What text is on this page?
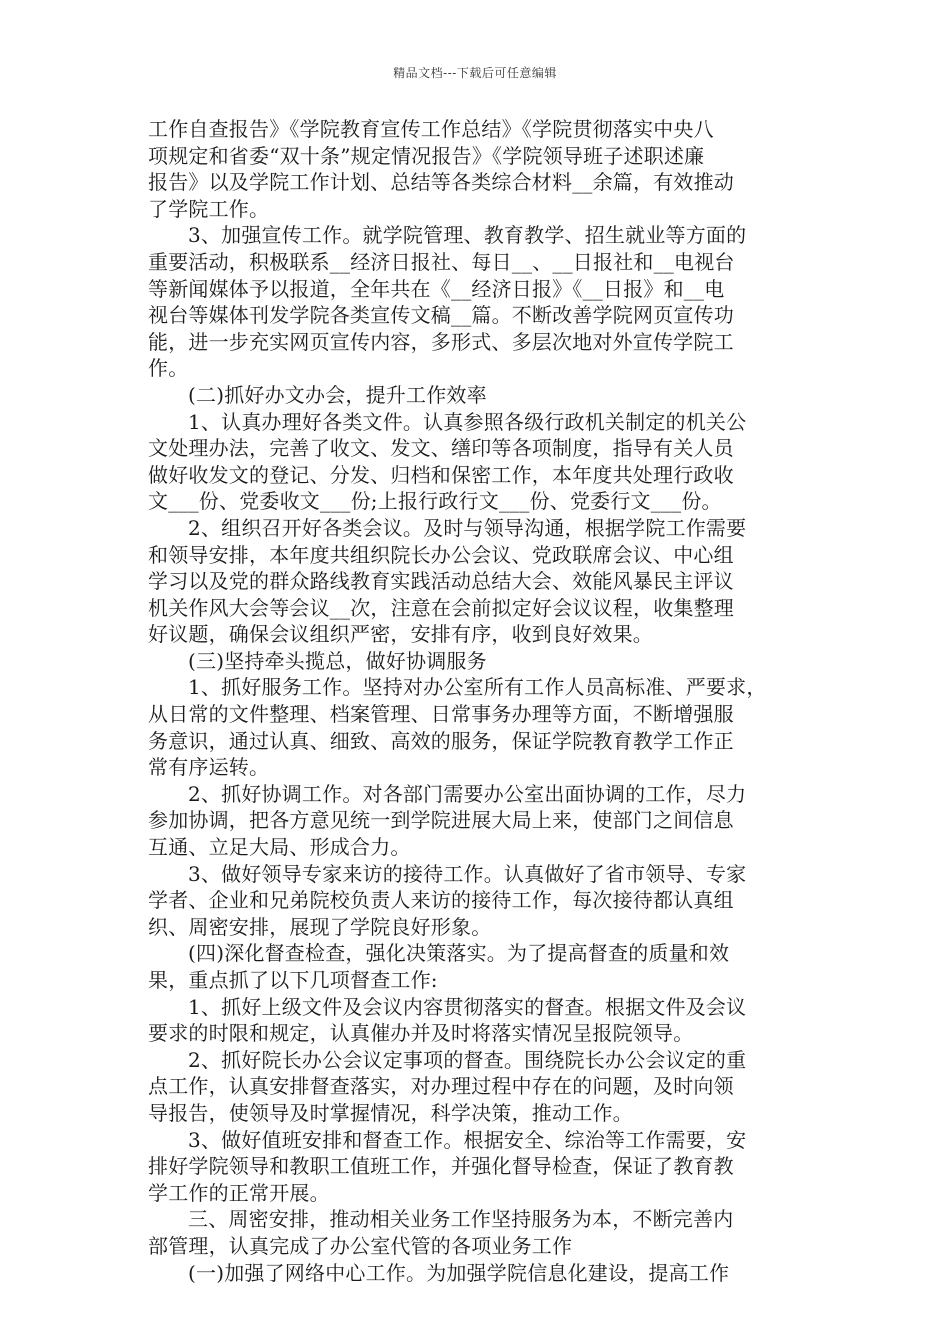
精品文档---下载后可任意编辑
工作自查报告》《学院教育宣传工作总结》《学院贯彻落实中央八
项规定和省委“双十条”规定情况报告》《学院领导班子述职述廉
报告》以及学院工作计划、总结等各类综合材料__余篇，有效推动
了学院工作。
3、加强宣传工作。就学院管理、教育教学、招生就业等方面的
重要活动，积极联系__经济日报社、每日__、__日报社和__电视台
等新闻媒体予以报道，全年共在《__经济日报》《__日报》和__电
视台等媒体刊发学院各类宣传文稿__篇。不断改善学院网页宣传功
能，进一步充实网页宣传内容，多形式、多层次地对外宣传学院工
作。
(二)抓好办文办会，提升工作效率
1、认真办理好各类文件。认真参照各级行政机关制定的机关公
文处理办法，完善了收文、发文、缮印等各项制度，指导有关人员
做好收发文的登记、分发、归档和保密工作，本年度共处理行政收
文___份、党委收文___份;上报行政行文___份、党委行文___份。
2、组织召开好各类会议。及时与领导沟通，根据学院工作需要
和领导安排，本年度共组织院长办公会议、党政联席会议、中心组
学习以及党的群众路线教育实践活动总结大会、效能风暴民主评议
机关作风大会等会议__次，注意在会前拟定好会议议程，收集整理
好议题，确保会议组织严密，安排有序，收到良好效果。
(三)坚持牵头揽总，做好协调服务
1、抓好服务工作。坚持对办公室所有工作人员高标准、严要求，
从日常的文件整理、档案管理、日常事务办理等方面，不断增强服
务意识，通过认真、细致、高效的服务，保证学院教育教学工作正
常有序运转。
2、抓好协调工作。对各部门需要办公室出面协调的工作，尽力
参加协调，把各方意见统一到学院进展大局上来，使部门之间信息
互通、立足大局、形成合力。
3、做好领导专家来访的接待工作。认真做好了省市领导、专家
学者、企业和兄弟院校负责人来访的接待工作，每次接待都认真组
织、周密安排，展现了学院良好形象。
(四)深化督查检查，强化决策落实。为了提高督查的质量和效
果，重点抓了以下几项督查工作:
1、抓好上级文件及会议内容贯彻落实的督查。根据文件及会议
要求的时限和规定，认真催办并及时将落实情况呈报院领导。
2、抓好院长办公会议定事项的督查。围绕院长办公会议定的重
点工作，认真安排督查落实，对办理过程中存在的问题，及时向领
导报告，使领导及时掌握情况，科学决策，推动工作。
3、做好值班安排和督查工作。根据安全、综治等工作需要，安
排好学院领导和教职工值班工作，并强化督导检查，保证了教育教
学工作的正常开展。
三、周密安排，推动相关业务工作坚持服务为本，不断完善内
部管理，认真完成了办公室代管的各项业务工作
(一)加强了网络中心工作。为加强学院信息化建设，提高工作
